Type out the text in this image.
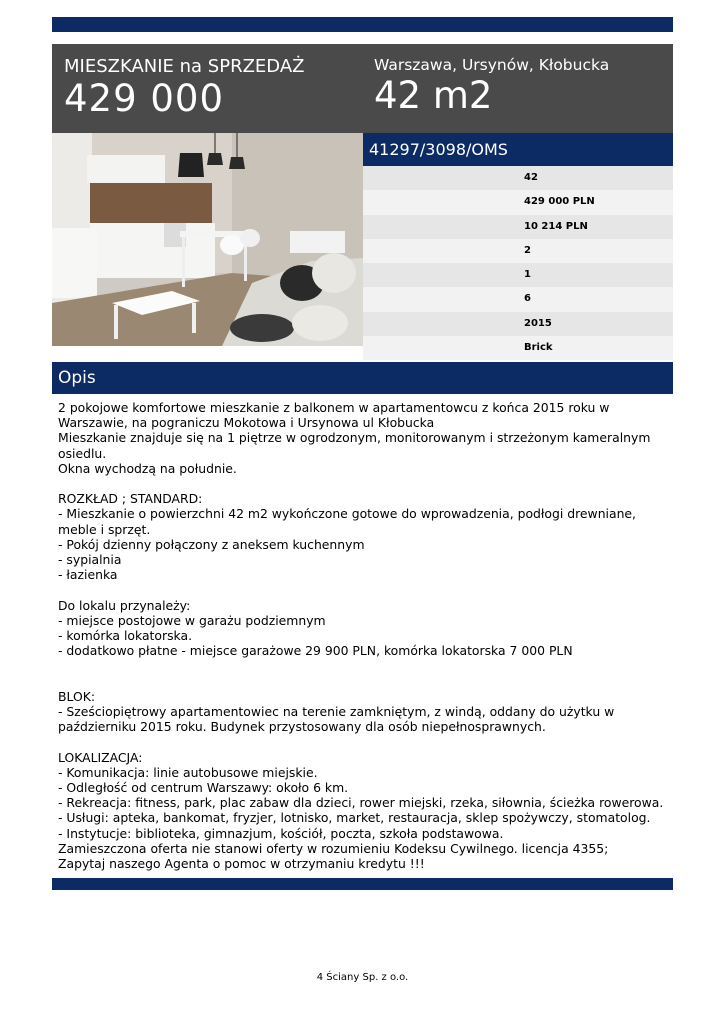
MIESZKANIE na SPRZEDAŻ
429 000
Warszawa, Ursynów, Kłobucka
42 m2
41297/3098/OMS
42
429 000 PLN
10 214 PLN
2
1
6
2015
Brick
Opis
2 pokojowe komfortowe mieszkanie z balkonem w apartamentowcu z końca 2015 roku w
Warszawie, na pograniczu Mokotowa i Ursynowa ul Kłobucka
Mieszkanie znajduje się na 1 piętrze w ogrodzonym, monitorowanym i strzeżonym kameralnym
osiedlu.
Okna wychodzą na południe.
ROZKŁAD ; STANDARD:
- Mieszkanie o powierzchni 42 m2 wykończone gotowe do wprowadzenia, podłogi drewniane,
meble i sprzęt.
- Pokój dzienny połączony z aneksem kuchennym
- sypialnia
- łazienka
Do lokalu przynależy:
- miejsce postojowe w garażu podziemnym
- komórka lokatorska.
- dodatkowo płatne - miejsce garażowe 29 900 PLN, komórka lokatorska 7 000 PLN
BLOK:
- Sześciopiętrowy apartamentowiec na terenie zamkniętym, z windą, oddany do użytku w
październiku 2015 roku. Budynek przystosowany dla osób niepełnosprawnych.
LOKALIZACJA:
- Komunikacja: linie autobusowe miejskie.
- Odległość od centrum Warszawy: około 6 km.
- Rekreacja: fitness, park, plac zabaw dla dzieci, rower miejski, rzeka, siłownia, ścieżka rowerowa.
- Usługi: apteka, bankomat, fryzjer, lotnisko, market, restauracja, sklep spożywczy, stomatolog.
- Instytucje: biblioteka, gimnazjum, kościół, poczta, szkoła podstawowa.
Zamieszczona oferta nie stanowi oferty w rozumieniu Kodeksu Cywilnego. licencja 4355;
Zapytaj naszego Agenta o pomoc w otrzymaniu kredytu !!!
4 Ściany Sp. z o.o.
